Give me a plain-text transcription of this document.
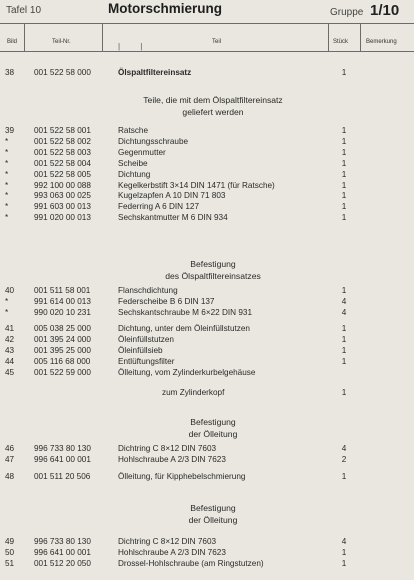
Tafel 10	Motorschmierung	Gruppe 1/10
Bild	Teil-Nr.	Teil	Stück	Bemerkung
| |
38	001 522 58 000	Ölspaltfiltereinsatz	1
Teile, die mit dem Ölspaltfiltereinsatz
geliefert werden
39	001 522 58 001	Ratsche	1
*	001 522 58 002	Dichtungsschraube	1
*	001 522 58 003	Gegenmutter	1
*	001 522 58 004	Scheibe	1
*	001 522 58 005	Dichtung	1
*	992 100 00 088	Kegelkerbstift 3×14 DIN 1471 (für Ratsche)	1
*	993 063 00 025	Kugelzapfen A 10 DIN 71 803	1
*	991 603 00 013	Federring A 6 DIN 127	1
*	991 020 00 013	Sechskantmutter M 6 DIN 934	1
Befestigung
des Ölspaltfiltereinsatzes
40	001 511 58 001	Flanschdichtung	1
*	991 614 00 013	Federscheibe B 6 DIN 137	4
*	990 020 10 231	Sechskantschraube M 6×22 DIN 931	4
41	005 038 25 000	Dichtung, unter dem Öleinfüllstutzen	1
42	001 395 24 000	Öleinfüllstutzen	1
43	001 395 25 000	Öleinfüllsieb	1
44	005 116 68 000	Entlüftungsfilter	1
45	001 522 59 000	Ölleitung, vom Zylinderkurbelgehäuse
zum Zylinderkopf	1
Befestigung
der Ölleitung
46	996 733 80 130	Dichtring C 8×12 DIN 7603	4
47	996 641 00 001	Hohlschraube A 2/3 DIN 7623	2
48	001 511 20 506	Ölleitung, für Kipphebelschmierung	1
Befestigung
der Ölleitung
49	996 733 80 130	Dichtring C 8×12 DIN 7603	4
50	996 641 00 001	Hohlschraube A 2/3 DIN 7623	1
51	001 512 20 050	Drossel-Hohlschraube (am Ringstutzen)	1
